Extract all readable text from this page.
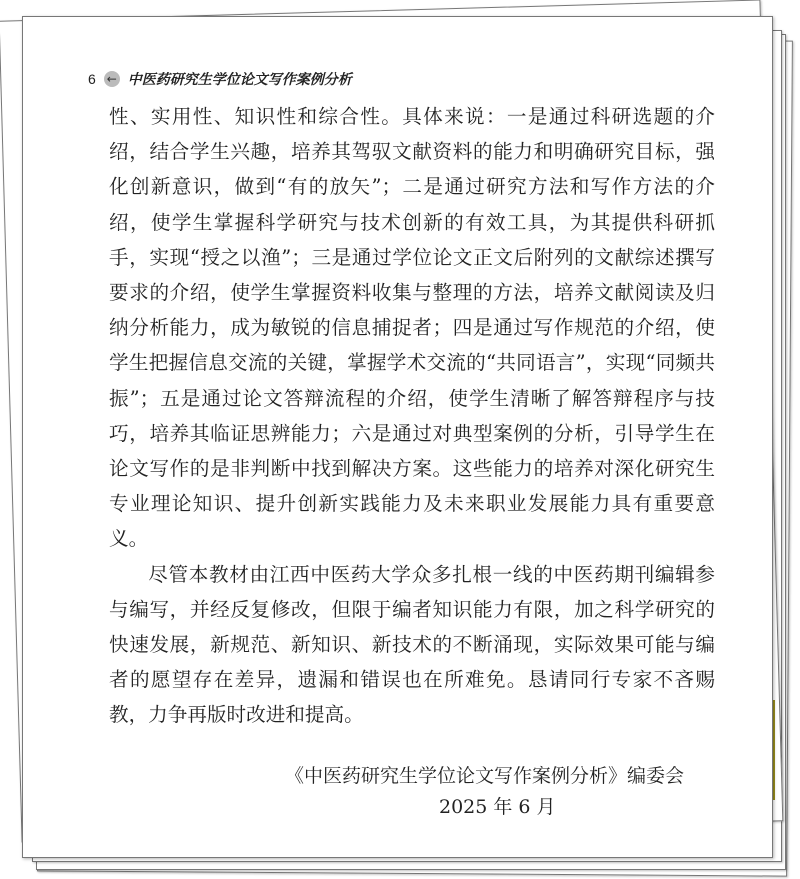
6 ← 中医药研究生学位论文写作案例分析

性、实用性、知识性和综合性。具体来说：一是通过科研选题的介绍，结合学生兴趣，培养其驾驭文献资料的能力和明确研究目标，强化创新意识，做到“有的放矢”；二是通过研究方法和写作方法的介绍，使学生掌握科学研究与技术创新的有效工具，为其提供科研抓手，实现“授之以渔”；三是通过学位论文正文后附列的文献综述撰写要求的介绍，使学生掌握资料收集与整理的方法，培养文献阅读及归纳分析能力，成为敏锐的信息捕捉者；四是通过写作规范的介绍，使学生把握信息交流的关键，掌握学术交流的“共同语言”，实现“同频共振”；五是通过论文答辩流程的介绍，使学生清晰了解答辩程序与技巧，培养其临证思辨能力；六是通过对典型案例的分析，引导学生在论文写作的是非判断中找到解决方案。这些能力的培养对深化研究生专业理论知识、提升创新实践能力及未来职业发展能力具有重要意义。

尽管本教材由江西中医药大学众多扎根一线的中医药期刊编辑参与编写，并经反复修改，但限于编者知识能力有限，加之科学研究的快速发展，新规范、新知识、新技术的不断涌现，实际效果可能与编者的愿望存在差异，遗漏和错误也在所难免。恳请同行专家不吝赐教，力争再版时改进和提高。

《中医药研究生学位论文写作案例分析》编委会
2025 年 6 月
